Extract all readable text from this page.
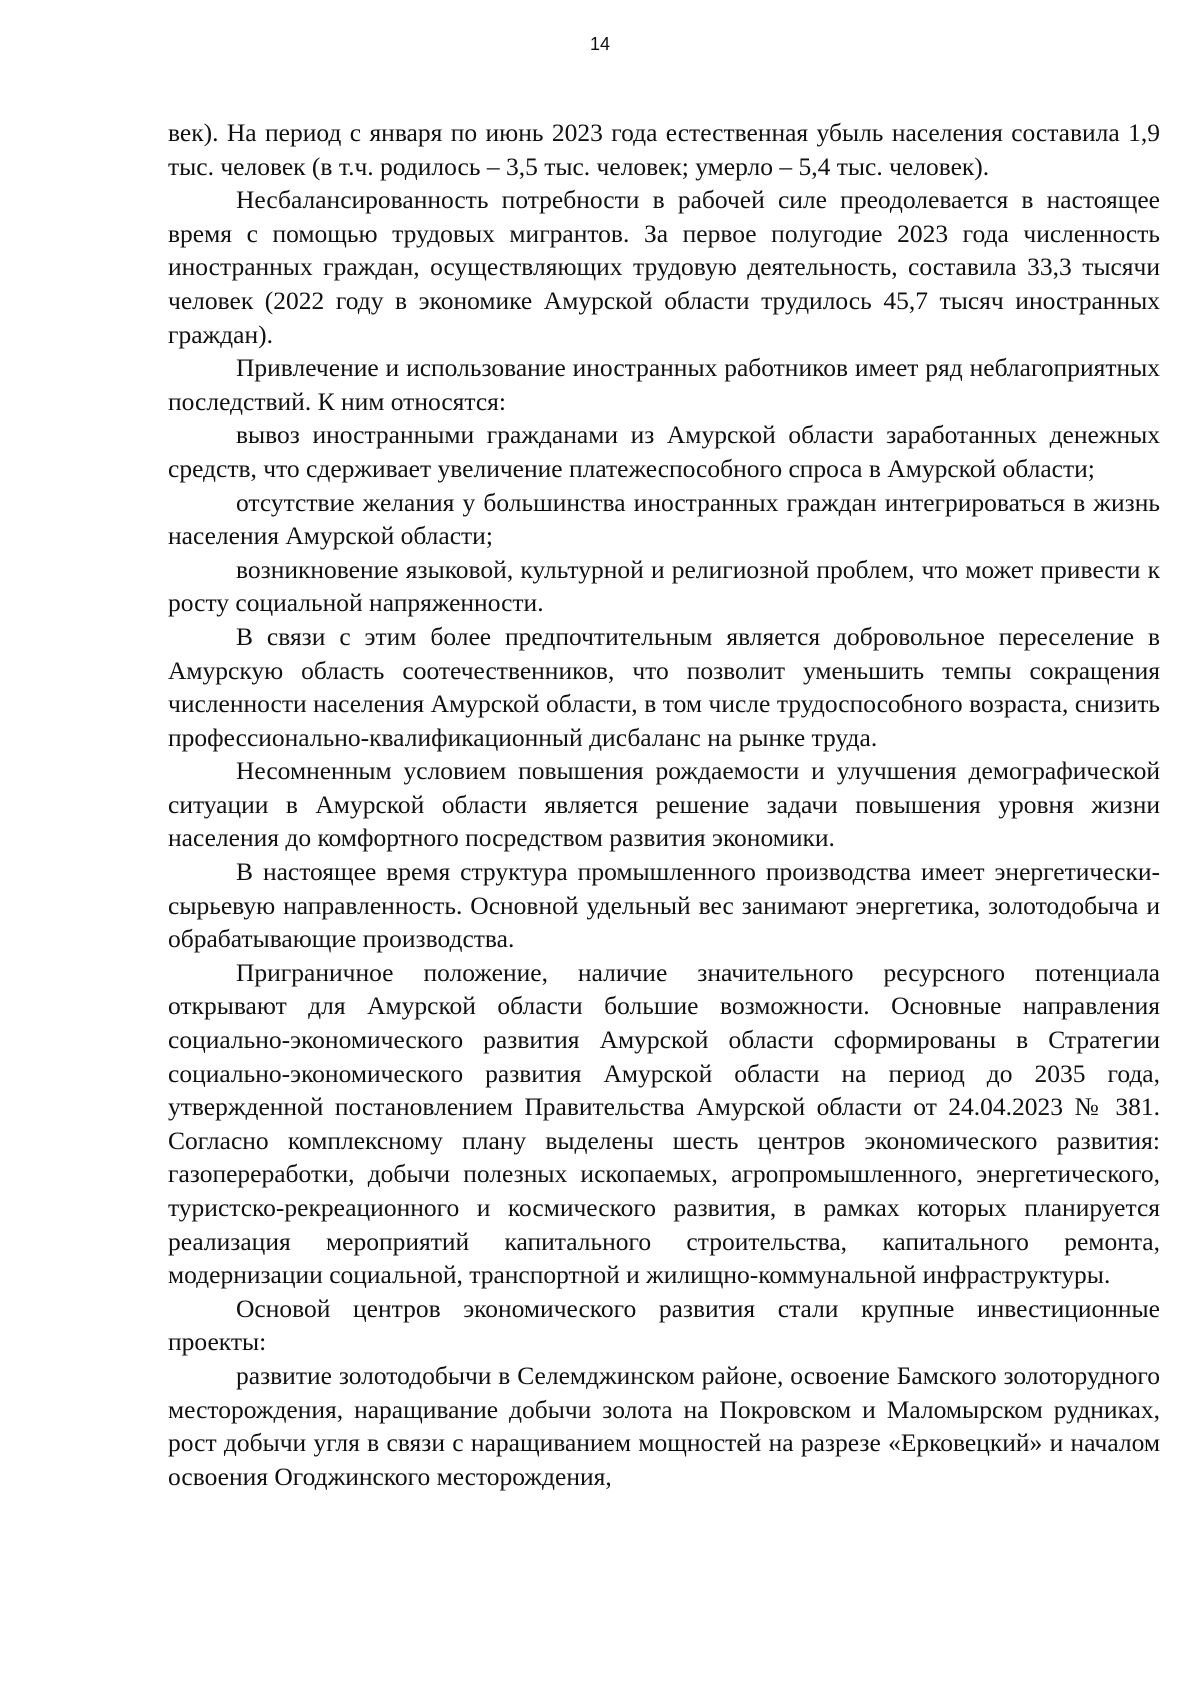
14

век). На период с января по июнь 2023 года естественная убыль населения составила 1,9 тыс. человек (в т.ч. родилось – 3,5 тыс. человек; умерло – 5,4 тыс. человек).

Несбалансированность потребности в рабочей силе преодолевается в настоящее время с помощью трудовых мигрантов. За первое полугодие 2023 года численность иностранных граждан, осуществляющих трудовую деятельность, составила 33,3 тысячи человек (2022 году в экономике Амурской области трудилось 45,7 тысяч иностранных граждан).

Привлечение и использование иностранных работников имеет ряд неблагоприятных последствий. К ним относятся:

вывоз иностранными гражданами из Амурской области заработанных денежных средств, что сдерживает увеличение платежеспособного спроса в Амурской области;

отсутствие желания у большинства иностранных граждан интегрироваться в жизнь населения Амурской области;

возникновение языковой, культурной и религиозной проблем, что может привести к росту социальной напряженности.

В связи с этим более предпочтительным является добровольное переселение в Амурскую область соотечественников, что позволит уменьшить темпы сокращения численности населения Амурской области, в том числе трудоспособного возраста, снизить профессионально-квалификационный дисбаланс на рынке труда.

Несомненным условием повышения рождаемости и улучшения демографической ситуации в Амурской области является решение задачи повышения уровня жизни населения до комфортного посредством развития экономики.

В настоящее время структура промышленного производства имеет энергетически-сырьевую направленность. Основной удельный вес занимают энергетика, золотодобыча и обрабатывающие производства.

Приграничное положение, наличие значительного ресурсного потенциала открывают для Амурской области большие возможности. Основные направления социально-экономического развития Амурской области сформированы в Стратегии социально-экономического развития Амурской области на период до 2035 года, утвержденной постановлением Правительства Амурской области от 24.04.2023 № 381. Согласно комплексному плану выделены шесть центров экономического развития: газопереработки, добычи полезных ископаемых, агропромышленного, энергетического, туристско-рекреационного и космического развития, в рамках которых планируется реализация мероприятий капитального строительства, капитального ремонта, модернизации социальной, транспортной и жилищно-коммунальной инфраструктуры.

Основой центров экономического развития стали крупные инвестиционные проекты:

развитие золотодобычи в Селемджинском районе, освоение Бамского золоторудного месторождения, наращивание добычи золота на Покровском и Маломырском рудниках, рост добычи угля в связи с наращиванием мощностей на разрезе «Ерковецкий» и началом освоения Огоджинского месторождения,
